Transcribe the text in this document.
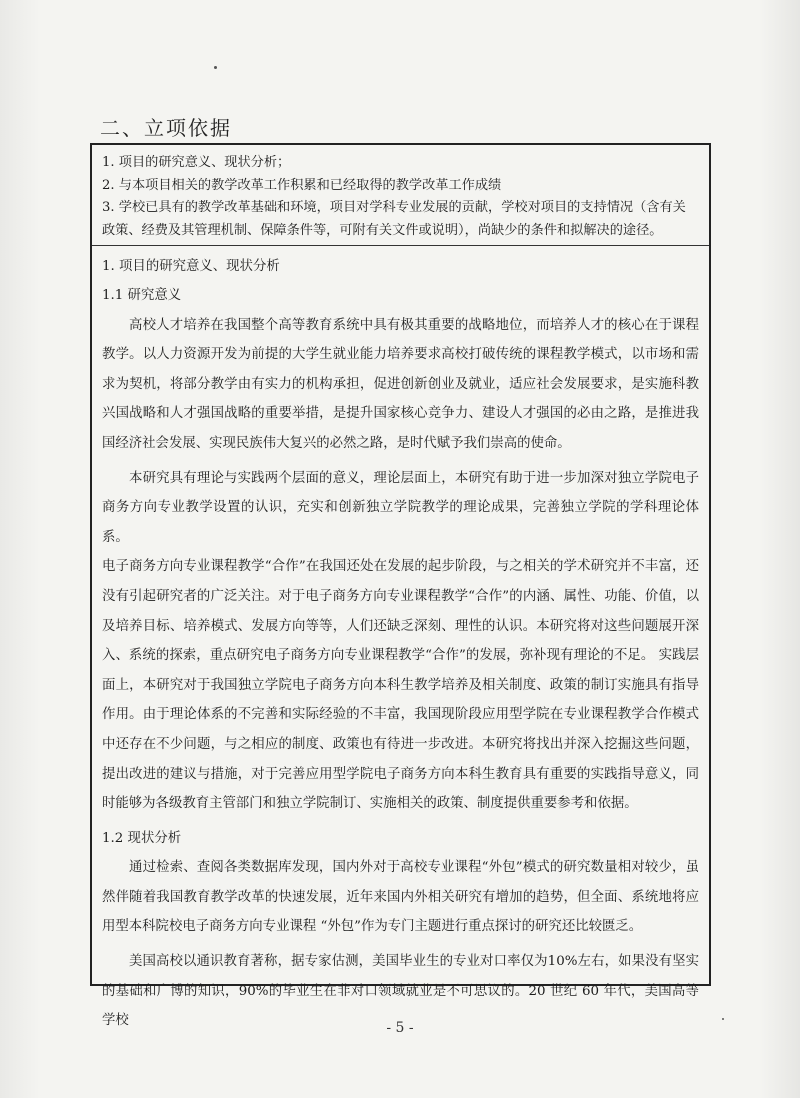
二、立项依据

1. 项目的研究意义、现状分析；

2. 与本项目相关的教学改革工作积累和已经取得的教学改革工作成绩

3. 学校已具有的教学改革基础和环境，项目对学科专业发展的贡献，学校对项目的支持情况（含有关

政策、经费及其管理机制、保障条件等，可附有关文件或说明），尚缺少的条件和拟解决的途径。

1. 项目的研究意义、现状分析

1.1 研究意义

高校人才培养在我国整个高等教育系统中具有极其重要的战略地位，而培养人才的核心在于课程教学。以人力资源开发为前提的大学生就业能力培养要求高校打破传统的课程教学模式，以市场和需求为契机，将部分教学由有实力的机构承担，促进创新创业及就业，适应社会发展要求，是实施科教兴国战略和人才强国战略的重要举措，是提升国家核心竞争力、建设人才强国的必由之路，是推进我国经济社会发展、实现民族伟大复兴的必然之路，是时代赋予我们崇高的使命。

本研究具有理论与实践两个层面的意义，理论层面上，本研究有助于进一步加深对独立学院电子商务方向专业教学设置的认识，充实和创新独立学院教学的理论成果，完善独立学院的学科理论体系。

电子商务方向专业课程教学“合作”在我国还处在发展的起步阶段，与之相关的学术研究并不丰富，还没有引起研究者的广泛关注。对于电子商务方向专业课程教学“合作”的内涵、属性、功能、价值，以及培养目标、培养模式、发展方向等等，人们还缺乏深刻、理性的认识。本研究将对这些问题展开深入、系统的探索，重点研究电子商务方向专业课程教学“合作”的发展，弥补现有理论的不足。 实践层面上，本研究对于我国独立学院电子商务方向本科生教学培养及相关制度、政策的制订实施具有指导作用。由于理论体系的不完善和实际经验的不丰富，我国现阶段应用型学院在专业课程教学合作模式中还存在不少问题，与之相应的制度、政策也有待进一步改进。本研究将找出并深入挖掘这些问题，提出改进的建议与措施，对于完善应用型学院电子商务方向本科生教育具有重要的实践指导意义，同时能够为各级教育主管部门和独立学院制订、实施相关的政策、制度提供重要参考和依据。

1.2 现状分析

通过检索、查阅各类数据库发现，国内外对于高校专业课程“外包”模式的研究数量相对较少，虽然伴随着我国教育教学改革的快速发展，近年来国内外相关研究有增加的趋势，但全面、系统地将应用型本科院校电子商务方向专业课程 “外包”作为专门主题进行重点探讨的研究还比较匮乏。

美国高校以通识教育著称，据专家估测，美国毕业生的专业对口率仅为10%左右，如果没有坚实的基础和广博的知识，90%的毕业生在非对口领域就业是不可思议的。20 世纪 60 年代，美国高等学校	- 5 -
